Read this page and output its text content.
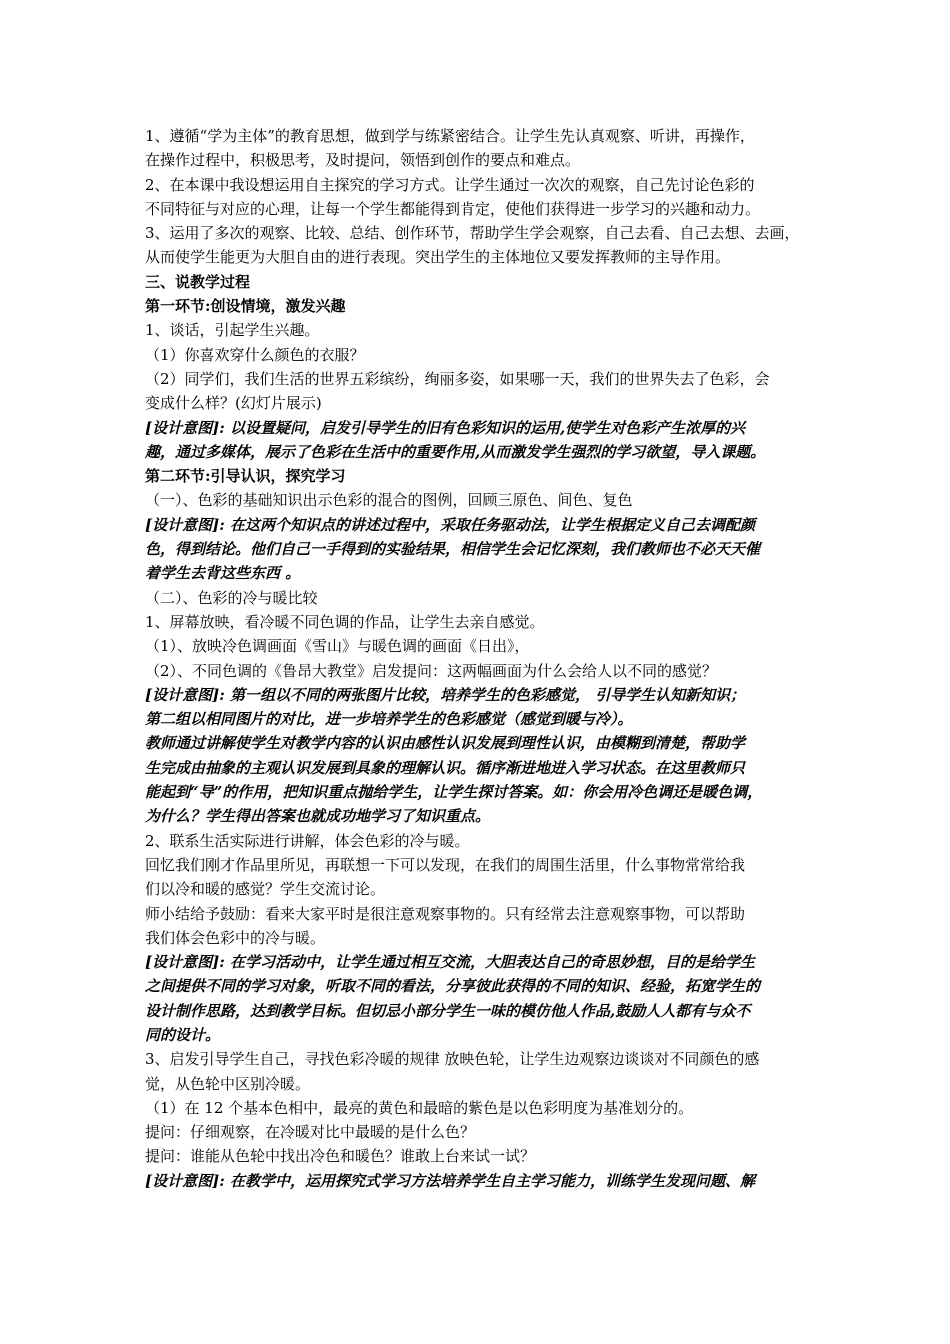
1、遵循“学为主体”的教育思想，做到学与练紧密结合。让学生先认真观察、听讲，再操作，

在操作过程中，积极思考，及时提问，领悟到创作的要点和难点。

2、在本课中我设想运用自主探究的学习方式。让学生通过一次次的观察，自己先讨论色彩的

不同特征与对应的心理，让每一个学生都能得到肯定，使他们获得进一步学习的兴趣和动力。

3、运用了多次的观察、比较、总结、创作环节，帮助学生学会观察，自己去看、自己去想、去画，

从而使学生能更为大胆自由的进行表现。突出学生的主体地位又要发挥教师的主导作用。

三、说教学过程

第一环节:创设情境，激发兴趣

1、谈话，引起学生兴趣。

（1）你喜欢穿什么颜色的衣服？

（2）同学们，我们生活的世界五彩缤纷，绚丽多姿，如果哪一天，我们的世界失去了色彩，会

变成什么样？(幻灯片展示)

[设计意图]: 以设置疑问，启发引导学生的旧有色彩知识的运用,使学生对色彩产生浓厚的兴

趣，通过多媒体，展示了色彩在生活中的重要作用,从而激发学生强烈的学习欲望，导入课题。

第二环节:引导认识，探究学习

（一）、色彩的基础知识出示色彩的混合的图例，回顾三原色、间色、复色

[设计意图]: 在这两个知识点的讲述过程中，采取任务驱动法，让学生根据定义自己去调配颜

色，得到结论。他们自己一手得到的实验结果，相信学生会记忆深刻，我们教师也不必天天催

着学生去背这些东西 。

（二）、色彩的冷与暖比较

1、屏幕放映，看冷暖不同色调的作品，让学生去亲自感觉。

（1）、放映冷色调画面《雪山》与暖色调的画面《日出》，

（2）、不同色调的《鲁昂大教堂》启发提问：这两幅画面为什么会给人以不同的感觉？

[设计意图]: 第一组以不同的两张图片比较，培养学生的色彩感觉， 引导学生认知新知识；

第二组以相同图片的对比，进一步培养学生的色彩感觉（感觉到暖与冷）。

教师通过讲解使学生对教学内容的认识由感性认识发展到理性认识，由模糊到清楚，帮助学

生完成由抽象的主观认识发展到具象的理解认识。循序渐进地进入学习状态。在这里教师只

能起到“导”的作用，把知识重点抛给学生，让学生探讨答案。如：你会用冷色调还是暖色调，

为什么？学生得出答案也就成功地学习了知识重点。

2、联系生活实际进行讲解，体会色彩的冷与暖。

回忆我们刚才作品里所见，再联想一下可以发现，在我们的周围生活里，什么事物常常给我

们以冷和暖的感觉？学生交流讨论。

师小结给予鼓励：看来大家平时是很注意观察事物的。只有经常去注意观察事物，可以帮助

我们体会色彩中的冷与暖。

[设计意图]: 在学习活动中，让学生通过相互交流，大胆表达自己的奇思妙想，目的是给学生

之间提供不同的学习对象，听取不同的看法，分享彼此获得的不同的知识、经验，拓宽学生的

设计制作思路，达到教学目标。但切忌小部分学生一味的模仿他人作品,鼓励人人都有与众不

同的设计。

3、启发引导学生自己，寻找色彩冷暖的规律 放映色轮，让学生边观察边谈谈对不同颜色的感

觉，从色轮中区别冷暖。

（1）在 12 个基本色相中，最亮的黄色和最暗的紫色是以色彩明度为基准划分的。

提问：仔细观察，在冷暖对比中最暖的是什么色？

提问：谁能从色轮中找出冷色和暖色？谁敢上台来试一试？

[设计意图]: 在教学中，运用探究式学习方法培养学生自主学习能力，训练学生发现问题、解
